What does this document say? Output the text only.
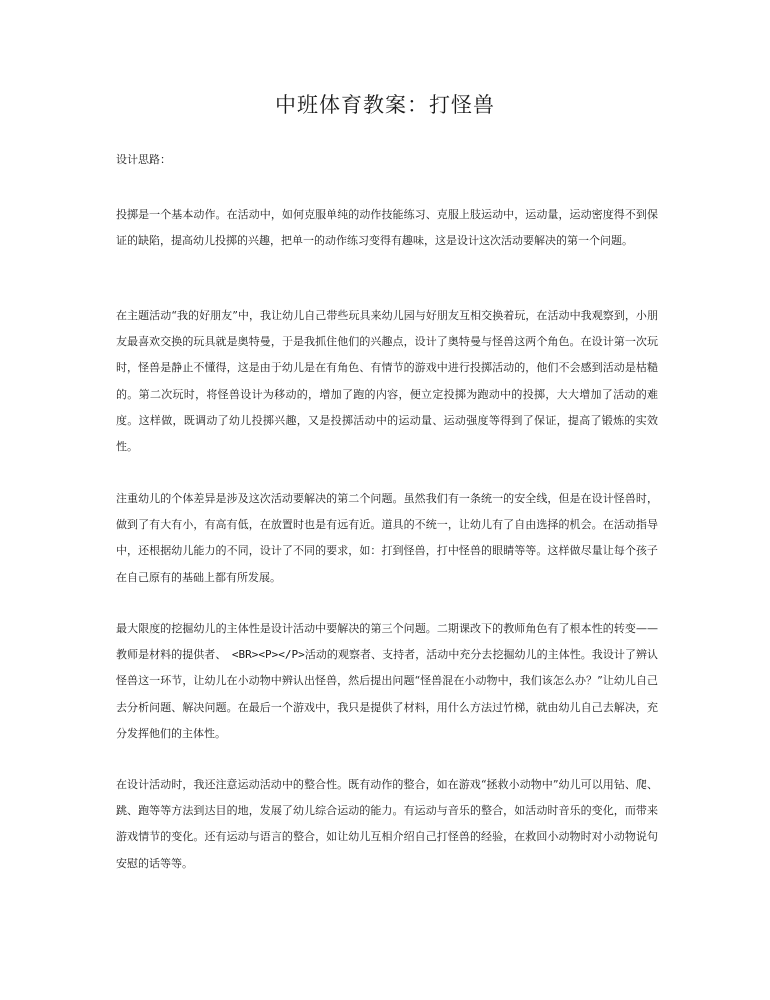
中班体育教案：打怪兽

设计思路：

投掷是一个基本动作。在活动中，如何克服单纯的动作技能练习、克服上肢运动中，运动量，运动密度得不到保证的缺陷，提高幼儿投掷的兴趣，把单一的动作练习变得有趣味，这是设计这次活动要解决的第一个问题。

在主题活动“我的好朋友”中，我让幼儿自己带些玩具来幼儿园与好朋友互相交换着玩，在活动中我观察到，小朋友最喜欢交换的玩具就是奥特曼，于是我抓住他们的兴趣点，设计了奥特曼与怪兽这两个角色。在设计第一次玩时，怪兽是静止不懂得，这是由于幼儿是在有角色、有情节的游戏中进行投掷活动的，他们不会感到活动是枯糙的。第二次玩时，将怪兽设计为移动的，增加了跑的内容，便立定投掷为跑动中的投掷，大大增加了活动的难度。这样做，既调动了幼儿投掷兴趣，又是投掷活动中的运动量、运动强度等得到了保证，提高了锻炼的实效性。

注重幼儿的个体差异是涉及这次活动要解决的第二个问题。虽然我们有一条统一的安全线，但是在设计怪兽时，做到了有大有小，有高有低，在放置时也是有远有近。道具的不统一，让幼儿有了自由选择的机会。在活动指导中，还根据幼儿能力的不同，设计了不同的要求，如：打到怪兽，打中怪兽的眼睛等等。这样做尽量让每个孩子在自己原有的基础上都有所发展。

最大限度的挖掘幼儿的主体性是设计活动中要解决的第三个问题。二期课改下的教师角色有了根本性的转变——教师是材料的提供者、　<BR><P></P>活动的观察者、支持者，活动中充分去挖掘幼儿的主体性。我设计了辨认怪兽这一环节，让幼儿在小动物中辨认出怪兽，然后提出问题“怪兽混在小动物中，我们该怎么办？”让幼儿自己去分析问题、解决问题。在最后一个游戏中，我只是提供了材料，用什么方法过竹梯，就由幼儿自己去解决，充分发挥他们的主体性。

在设计活动时，我还注意运动活动中的整合性。既有动作的整合，如在游戏“拯救小动物中”幼儿可以用钻、爬、跳、跑等等方法到达目的地，发展了幼儿综合运动的能力。有运动与音乐的整合，如活动时音乐的变化，而带来游戏情节的变化。还有运动与语言的整合，如让幼儿互相介绍自己打怪兽的经验，在救回小动物时对小动物说句安慰的话等等。
